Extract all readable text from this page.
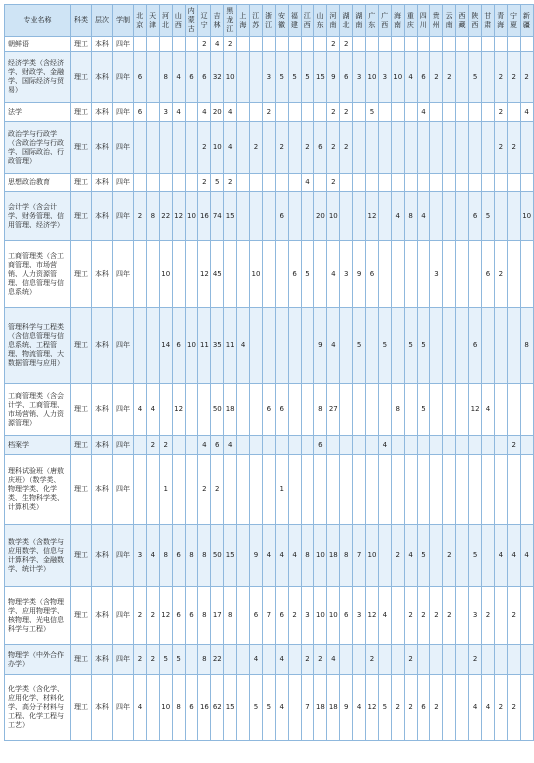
专业名称	科类	层次	学制	北京	天津	河北	山西	内蒙古	辽宁	吉林	黑龙江	上海	江苏	浙江	安徽	福建	江西	山东	河南	湖北	湖南	广东	广西	海南	重庆	四川	贵州	云南	西藏	陕西	甘肃	青海	宁夏	新疆
朝鲜语	理工	本科	四年						2	4	2								2	2														
经济学类（含经济学、财政学、金融学、国际经济与贸易）	理工	本科	四年	6		8	4	6	6	32	10			3	5	5	5	15	9	6	3	10	3	10	4	6	2	2		5		2	2	2
法学	理工	本科	四年	6		3	4		4	20	4			2					2	2		5				4						2		4
政治学与行政学（含政治学与行政学、国际政治、行政管理）	理工	本科	四年						2	10	4		2		2		2	6	2	2												2	2	
思想政治教育	理工	本科	四年						2	5	2						4		2															
会计学（含会计学、财务管理、信用管理、经济学）	理工	本科	四年	2	8	22	12	10	16	74	15				6			20	10			12		4	8	4				6	5			10
工商管理类（含工商管理、市场营销、人力资源管理、信息管理与信息系统）	理工	本科	四年			10			12	45			10			6	5		4	3	9	6					3				6	2		
管理科学与工程类（含信息管理与信息系统、工程管理、物流管理、大数据管理与应用）	理工	本科	四年			14	6	10	11	35	11	4						9	4		5		5		5	5				6				8
工商管理类（含会计学、工商管理、市场营销、人力资源管理）	理工	本科	四年	4	4		12			50	18			6	6			8	27					8		5				12	4			
档案学	理工	本科	四年		2	2			4	6	4							6					4										2	
理科试验班（唐敖庆班）（数学类、物理学类、化学类、生物科学类、计算机类）	理工	本科	四年			1			2	2					1																			
数学类（含数学与应用数学、信息与计算科学、金融数学、统计学）	理工	本科	四年	3	4	8	6	8	8	50	15		9	4	4	4	8	10	18	8	7	10		2	4	5		2		5		4	4	4
物理学类（含物理学、应用物理学、核物理、光电信息科学与工程）	理工	本科	四年	2	2	12	6	6	8	17	8		6	7	6	2	3	10	10	6	3	12	4		2	2	2	2		3	2		2	
物理学（中外合作办学）	理工	本科	四年	2	2	5	5		8	22			4		4		2	2	4			2			2					2				
化学类（含化学、应用化学、材料化学、高分子材料与工程、化学工程与工艺）	理工	本科	四年	4		10	8	6	16	62	15		5	5	4		7	18	18	9	4	12	5	2	2	6	2			4	4	2	2	
